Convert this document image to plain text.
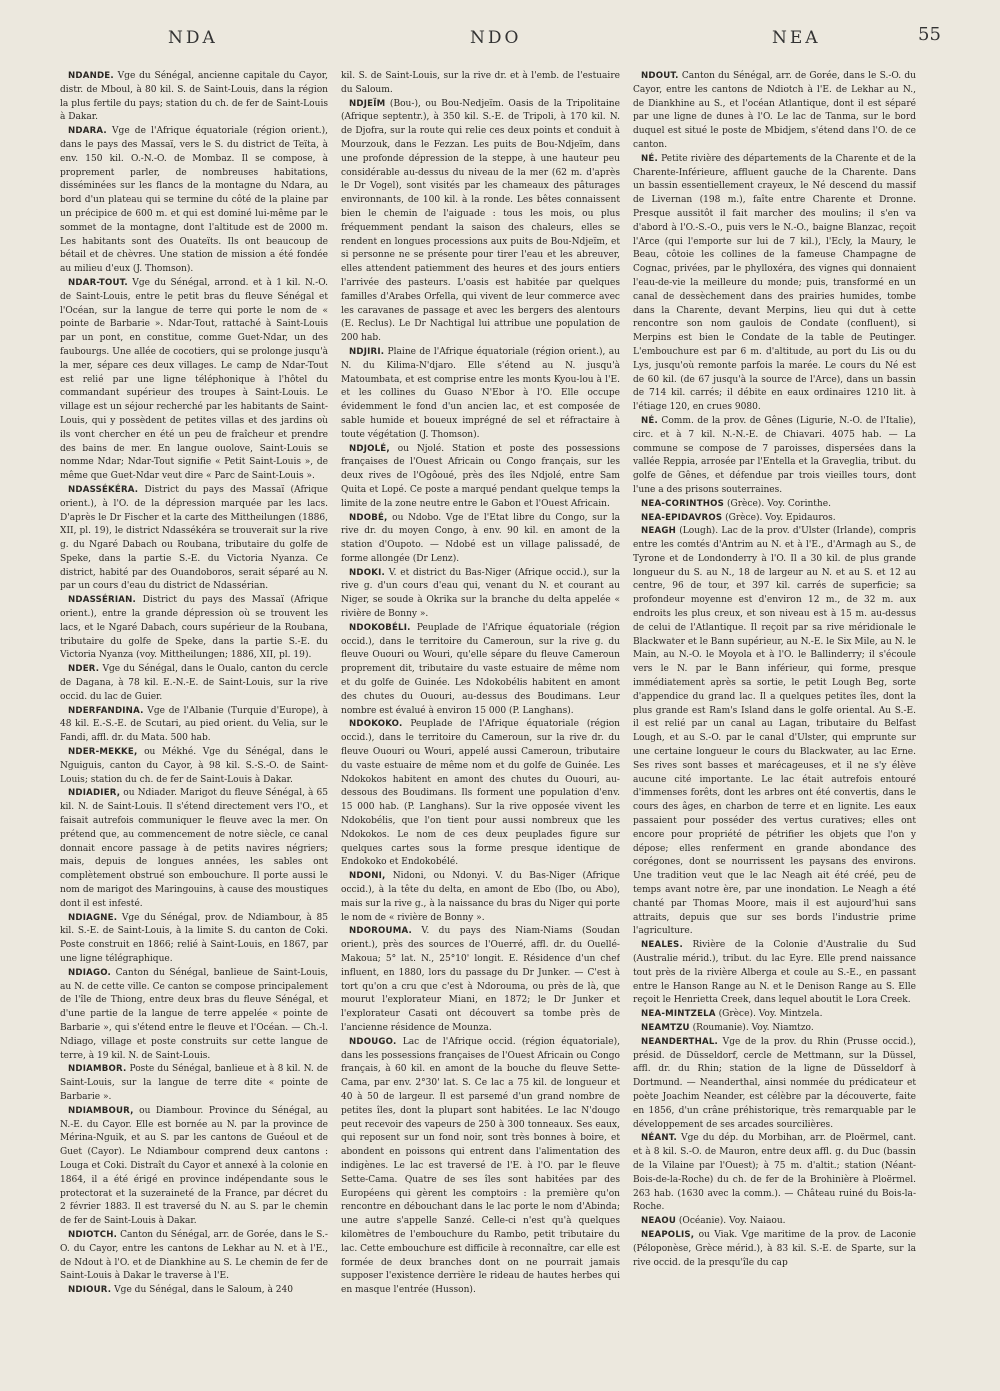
NDA	NDO	NEA	55

NDANDE. Vge du Sénégal, ancienne capitale du Cayor, distr. de Mboul, à 80 kil. S. de Saint-Louis, dans la région la plus fertile du pays; station du ch. de fer de Saint-Louis à Dakar.

NDARA. Vge de l'Afrique équatoriale (région orient.), dans le pays des Massaï, vers le S. du district de Teïta, à env. 150 kil. O.-N.-O. de Mombaz. Il se compose, à proprement parler, de nombreuses habitations, disséminées sur les flancs de la montagne du Ndara, au bord d'un plateau qui se termine du côté de la plaine par un précipice de 600 m. et qui est dominé lui-même par le sommet de la montagne, dont l'altitude est de 2000 m. Les habitants sont des Ouateïts. Ils ont beaucoup de bétail et de chèvres. Une station de mission a été fondée au milieu d'eux (J. Thomson).

NDAR-TOUT. Vge du Sénégal, arrond. et à 1 kil. N.-O. de Saint-Louis, entre le petit bras du fleuve Sénégal et l'Océan, sur la langue de terre qui porte le nom de « pointe de Barbarie ». Ndar-Tout, rattaché à Saint-Louis par un pont, en constitue, comme Guet-Ndar, un des faubourgs. Une allée de cocotiers, qui se prolonge jusqu'à la mer, sépare ces deux villages. Le camp de Ndar-Tout est relié par une ligne téléphonique à l'hôtel du commandant supérieur des troupes à Saint-Louis. Le village est un séjour recherché par les habitants de Saint-Louis, qui y possèdent de petites villas et des jardins où ils vont chercher en été un peu de fraîcheur et prendre des bains de mer. En langue ouolove, Saint-Louis se nomme Ndar; Ndar-Tout signifie « Petit Saint-Louis », de même que Guet-Ndar veut dire « Parc de Saint-Louis ».

NDASSÉKÉRA. District du pays des Massaï (Afrique orient.), à l'O. de la dépression marquée par les lacs. D'après le Dr Fischer et la carte des Mittheilungen (1886, XII, pl. 19), le district Ndassékéra se trouverait sur la rive g. du Ngaré Dabach ou Roubana, tributaire du golfe de Speke, dans la partie S.-E. du Victoria Nyanza. Ce district, habité par des Ouandoboros, serait séparé au N. par un cours d'eau du district de Ndassérian.

NDASSÉRIAN. District du pays des Massaï (Afrique orient.), entre la grande dépression où se trouvent les lacs, et le Ngaré Dabach, cours supérieur de la Roubana, tributaire du golfe de Speke, dans la partie S.-E. du Victoria Nyanza (voy. Mittheilungen; 1886, XII, pl. 19).

NDER. Vge du Sénégal, dans le Oualo, canton du cercle de Dagana, à 78 kil. E.-N.-E. de Saint-Louis, sur la rive occid. du lac de Guier.

NDERFANDINA. Vge de l'Albanie (Turquie d'Europe), à 48 kil. E.-S.-E. de Scutari, au pied orient. du Velia, sur le Fandi, affl. dr. du Mata. 500 hab.

NDER-MEKKE, ou Mékhé. Vge du Sénégal, dans le Nguiguis, canton du Cayor, à 98 kil. S.-S.-O. de Saint-Louis; station du ch. de fer de Saint-Louis à Dakar.

NDIADIER, ou Ndiader. Marigot du fleuve Sénégal, à 65 kil. N. de Saint-Louis. Il s'étend directement vers l'O., et faisait autrefois communiquer le fleuve avec la mer. On prétend que, au commencement de notre siècle, ce canal donnait encore passage à de petits navires négriers; mais, depuis de longues années, les sables ont complètement obstrué son embouchure. Il porte aussi le nom de marigot des Maringouins, à cause des moustiques dont il est infesté.

NDIAGNE. Vge du Sénégal, prov. de Ndiambour, à 85 kil. S.-E. de Saint-Louis, à la limite S. du canton de Coki. Poste construit en 1866; relié à Saint-Louis, en 1867, par une ligne télégraphique.

NDIAGO. Canton du Sénégal, banlieue de Saint-Louis, au N. de cette ville. Ce canton se compose principalement de l'île de Thiong, entre deux bras du fleuve Sénégal, et d'une partie de la langue de terre appelée « pointe de Barbarie », qui s'étend entre le fleuve et l'Océan. — Ch.-l. Ndiago, village et poste construits sur cette langue de terre, à 19 kil. N. de Saint-Louis.

NDIAMBOR. Poste du Sénégal, banlieue et à 8 kil. N. de Saint-Louis, sur la langue de terre dite « pointe de Barbarie ».

NDIAMBOUR, ou Diambour. Province du Sénégal, au N.-E. du Cayor. Elle est bornée au N. par la province de Mérina-Nguik, et au S. par les cantons de Guéoul et de Guet (Cayor). Le Ndiambour comprend deux cantons : Louga et Coki. Distraît du Cayor et annexé à la colonie en 1864, il a été érigé en province indépendante sous le protectorat et la suzeraineté de la France, par décret du 2 février 1883. Il est traversé du N. au S. par le chemin de fer de Saint-Louis à Dakar.

NDIOTCH. Canton du Sénégal, arr. de Gorée, dans le S.-O. du Cayor, entre les cantons de Lekhar au N. et à l'E., de Ndout à l'O. et de Diankhine au S. Le chemin de fer de Saint-Louis à Dakar le traverse à l'E.

NDIOUR. Vge du Sénégal, dans le Saloum, à 240

kil. S. de Saint-Louis, sur la rive dr. et à l'emb. de l'estuaire du Saloum.

NDJEÏM (Bou-), ou Bou-Nedjeïm. Oasis de la Tripolitaine (Afrique septentr.), à 350 kil. S.-E. de Tripoli, à 170 kil. N. de Djofra, sur la route qui relie ces deux points et conduit à Mourzouk, dans le Fezzan. Les puits de Bou-Ndjeïm, dans une profonde dépression de la steppe, à une hauteur peu considérable au-dessus du niveau de la mer (62 m. d'après le Dr Vogel), sont visités par les chameaux des pâturages environnants, de 100 kil. à la ronde. Les bêtes connaissent bien le chemin de l'aiguade : tous les mois, ou plus fréquemment pendant la saison des chaleurs, elles se rendent en longues processions aux puits de Bou-Ndjeïm, et si personne ne se présente pour tirer l'eau et les abreuver, elles attendent patiemment des heures et des jours entiers l'arrivée des pasteurs. L'oasis est habitée par quelques familles d'Arabes Orfella, qui vivent de leur commerce avec les caravanes de passage et avec les bergers des alentours (E. Reclus). Le Dr Nachtigal lui attribue une population de 200 hab.

NDJIRI. Plaine de l'Afrique équatoriale (région orient.), au N. du Kilima-N'djaro. Elle s'étend au N. jusqu'à Matoumbata, et est comprise entre les monts Kyou-lou à l'E. et les collines du Guaso N'Ebor à l'O. Elle occupe évidemment le fond d'un ancien lac, et est composée de sable humide et boueux imprégné de sel et réfractaire à toute végétation (J. Thomson).

NDJOLÉ, ou Njolé. Station et poste des possessions françaises de l'Ouest Africain ou Congo français, sur les deux rives de l'Ogôoué, près des îles Ndjolé, entre Sam Quita et Lopé. Ce poste a marqué pendant quelque temps la limite de la zone neutre entre le Gabon et l'Ouest Africain.

NDOBÉ, ou Ndobo. Vge de l'Etat libre du Congo, sur la rive dr. du moyen Congo, à env. 90 kil. en amont de la station d'Oupoto. — Ndobé est un village palissadé, de forme allongée (Dr Lenz).

NDOKI. V. et district du Bas-Niger (Afrique occid.), sur la rive g. d'un cours d'eau qui, venant du N. et courant au Niger, se soude à Okrika sur la branche du delta appelée « rivière de Bonny ».

NDOKOBÉLI. Peuplade de l'Afrique équatoriale (région occid.), dans le territoire du Cameroun, sur la rive g. du fleuve Ououri ou Wouri, qu'elle sépare du fleuve Cameroun proprement dit, tributaire du vaste estuaire de même nom et du golfe de Guinée. Les Ndokobélis habitent en amont des chutes du Ououri, au-dessus des Boudimans. Leur nombre est évalué à environ 15 000 (P. Langhans).

NDOKOKO. Peuplade de l'Afrique équatoriale (région occid.), dans le territoire du Cameroun, sur la rive dr. du fleuve Ououri ou Wouri, appelé aussi Cameroun, tributaire du vaste estuaire de même nom et du golfe de Guinée. Les Ndokokos habitent en amont des chutes du Ououri, au-dessous des Boudimans. Ils forment une population d'env. 15 000 hab. (P. Langhans). Sur la rive opposée vivent les Ndokobélis, que l'on tient pour aussi nombreux que les Ndokokos. Le nom de ces deux peuplades figure sur quelques cartes sous la forme presque identique de Endokoko et Endokobélé.

NDONI, Nidoni, ou Ndonyi. V. du Bas-Niger (Afrique occid.), à la tête du delta, en amont de Ebo (Ibo, ou Abo), mais sur la rive g., à la naissance du bras du Niger qui porte le nom de « rivière de Bonny ».

NDOROUMA. V. du pays des Niam-Niams (Soudan orient.), près des sources de l'Ouerré, affl. dr. du Ouellé-Makoua; 5° lat. N., 25°10' longit. E. Résidence d'un chef influent, en 1880, lors du passage du Dr Junker. — C'est à tort qu'on a cru que c'est à Ndorouma, ou près de là, que mourut l'explorateur Miani, en 1872; le Dr Junker et l'explorateur Casati ont découvert sa tombe près de l'ancienne résidence de Mounza.

NDOUGO. Lac de l'Afrique occid. (région équatoriale), dans les possessions françaises de l'Ouest Africain ou Congo français, à 60 kil. en amont de la bouche du fleuve Sette-Cama, par env. 2°30' lat. S. Ce lac a 75 kil. de longueur et 40 à 50 de largeur. Il est parsemé d'un grand nombre de petites îles, dont la plupart sont habitées. Le lac N'dougo peut recevoir des vapeurs de 250 à 300 tonneaux. Ses eaux, qui reposent sur un fond noir, sont très bonnes à boire, et abondent en poissons qui entrent dans l'alimentation des indigènes. Le lac est traversé de l'E. à l'O. par le fleuve Sette-Cama. Quatre de ses îles sont habitées par des Européens qui gèrent les comptoirs : la première qu'on rencontre en débouchant dans le lac porte le nom d'Abinda; une autre s'appelle Sanzé. Celle-ci n'est qu'à quelques kilomètres de l'embouchure du Rambo, petit tributaire du lac. Cette embouchure est difficile à reconnaître, car elle est formée de deux branches dont on ne pourrait jamais supposer l'existence derrière le rideau de hautes herbes qui en masque l'entrée (Husson).

NDOUT. Canton du Sénégal, arr. de Gorée, dans le S.-O. du Cayor, entre les cantons de Ndiotch à l'E. de Lekhar au N., de Diankhine au S., et l'océan Atlantique, dont il est séparé par une ligne de dunes à l'O. Le lac de Tanma, sur le bord duquel est situé le poste de Mbidjem, s'étend dans l'O. de ce canton.

NÉ. Petite rivière des départements de la Charente et de la Charente-Inférieure, affluent gauche de la Charente. Dans un bassin essentiellement crayeux, le Né descend du massif de Livernan (198 m.), faîte entre Charente et Dronne. Presque aussitôt il fait marcher des moulins; il s'en va d'abord à l'O.-S.-O., puis vers le N.-O., baigne Blanzac, reçoit l'Arce (qui l'emporte sur lui de 7 kil.), l'Ecly, la Maury, le Beau, côtoie les collines de la fameuse Champagne de Cognac, privées, par le phylloxéra, des vignes qui donnaient l'eau-de-vie la meilleure du monde; puis, transformé en un canal de dessèchement dans des prairies humides, tombe dans la Charente, devant Merpins, lieu qui dut à cette rencontre son nom gaulois de Condate (confluent), si Merpins est bien le Condate de la table de Peutinger. L'embouchure est par 6 m. d'altitude, au port du Lis ou du Lys, jusqu'où remonte parfois la marée. Le cours du Né est de 60 kil. (de 67 jusqu'à la source de l'Arce), dans un bassin de 714 kil. carrés; il débite en eaux ordinaires 1210 lit. à l'étiage 120, en crues 9080.

NÉ. Comm. de la prov. de Gênes (Ligurie, N.-O. de l'Italie), circ. et à 7 kil. N.-N.-E. de Chiavari. 4075 hab. — La commune se compose de 7 paroisses, dispersées dans la vallée Reppia, arrosée par l'Entella et la Graveglia, tribut. du golfe de Gênes, et défendue par trois vieilles tours, dont l'une a des prisons souterraines.

NEA-CORINTHOS (Grèce). Voy. Corinthe.

NEA-EPIDAVROS (Grèce). Voy. Epidauros.

NEAGH (Lough). Lac de la prov. d'Ulster (Irlande), compris entre les comtés d'Antrim au N. et à l'E., d'Armagh au S., de Tyrone et de Londonderry à l'O. Il a 30 kil. de plus grande longueur du S. au N., 18 de largeur au N. et au S. et 12 au centre, 96 de tour, et 397 kil. carrés de superficie; sa profondeur moyenne est d'environ 12 m., de 32 m. aux endroits les plus creux, et son niveau est à 15 m. au-dessus de celui de l'Atlantique. Il reçoit par sa rive méridionale le Blackwater et le Bann supérieur, au N.-E. le Six Mile, au N. le Main, au N.-O. le Moyola et à l'O. le Ballinderry; il s'écoule vers le N. par le Bann inférieur, qui forme, presque immédiatement après sa sortie, le petit Lough Beg, sorte d'appendice du grand lac. Il a quelques petites îles, dont la plus grande est Ram's Island dans le golfe oriental. Au S.-E. il est relié par un canal au Lagan, tributaire du Belfast Lough, et au S.-O. par le canal d'Ulster, qui emprunte sur une certaine longueur le cours du Blackwater, au lac Erne. Ses rives sont basses et marécageuses, et il ne s'y élève aucune cité importante. Le lac était autrefois entouré d'immenses forêts, dont les arbres ont été convertis, dans le cours des âges, en charbon de terre et en lignite. Les eaux passaient pour posséder des vertus curatives; elles ont encore pour propriété de pétrifier les objets que l'on y dépose; elles renferment en grande abondance des corégones, dont se nourrissent les paysans des environs. Une tradition veut que le lac Neagh ait été créé, peu de temps avant notre ère, par une inondation. Le Neagh a été chanté par Thomas Moore, mais il est aujourd'hui sans attraits, depuis que sur ses bords l'industrie prime l'agriculture.

NEALES. Rivière de la Colonie d'Australie du Sud (Australie mérid.), tribut. du lac Eyre. Elle prend naissance tout près de la rivière Alberga et coule au S.-E., en passant entre le Hanson Range au N. et le Denison Range au S. Elle reçoit le Henrietta Creek, dans lequel aboutit le Lora Creek.

NEA-MINTZELA (Grèce). Voy. Mintzela.

NEAMTZU (Roumanie). Voy. Niamtzo.

NEANDERTHAL. Vge de la prov. du Rhin (Prusse occid.), présid. de Düsseldorf, cercle de Mettmann, sur la Düssel, affl. dr. du Rhin; station de la ligne de Düsseldorf à Dortmund. — Neanderthal, ainsi nommée du prédicateur et poète Joachim Neander, est célèbre par la découverte, faite en 1856, d'un crâne préhistorique, très remarquable par le développement de ses arcades sourcilières.

NÉANT. Vge du dép. du Morbihan, arr. de Ploërmel, cant. et à 8 kil. S.-O. de Mauron, entre deux affl. g. du Duc (bassin de la Vilaine par l'Ouest); à 75 m. d'altit.; station (Néant-Bois-de-la-Roche) du ch. de fer de la Brohinière à Ploërmel. 263 hab. (1630 avec la comm.). — Château ruiné du Bois-la-Roche.

NEAOU (Océanie). Voy. Naiaou.

NEAPOLIS, ou Viak. Vge maritime de la prov. de Laconie (Péloponèse, Grèce mérid.), à 83 kil. S.-E. de Sparte, sur la rive occid. de la presqu'île du cap
